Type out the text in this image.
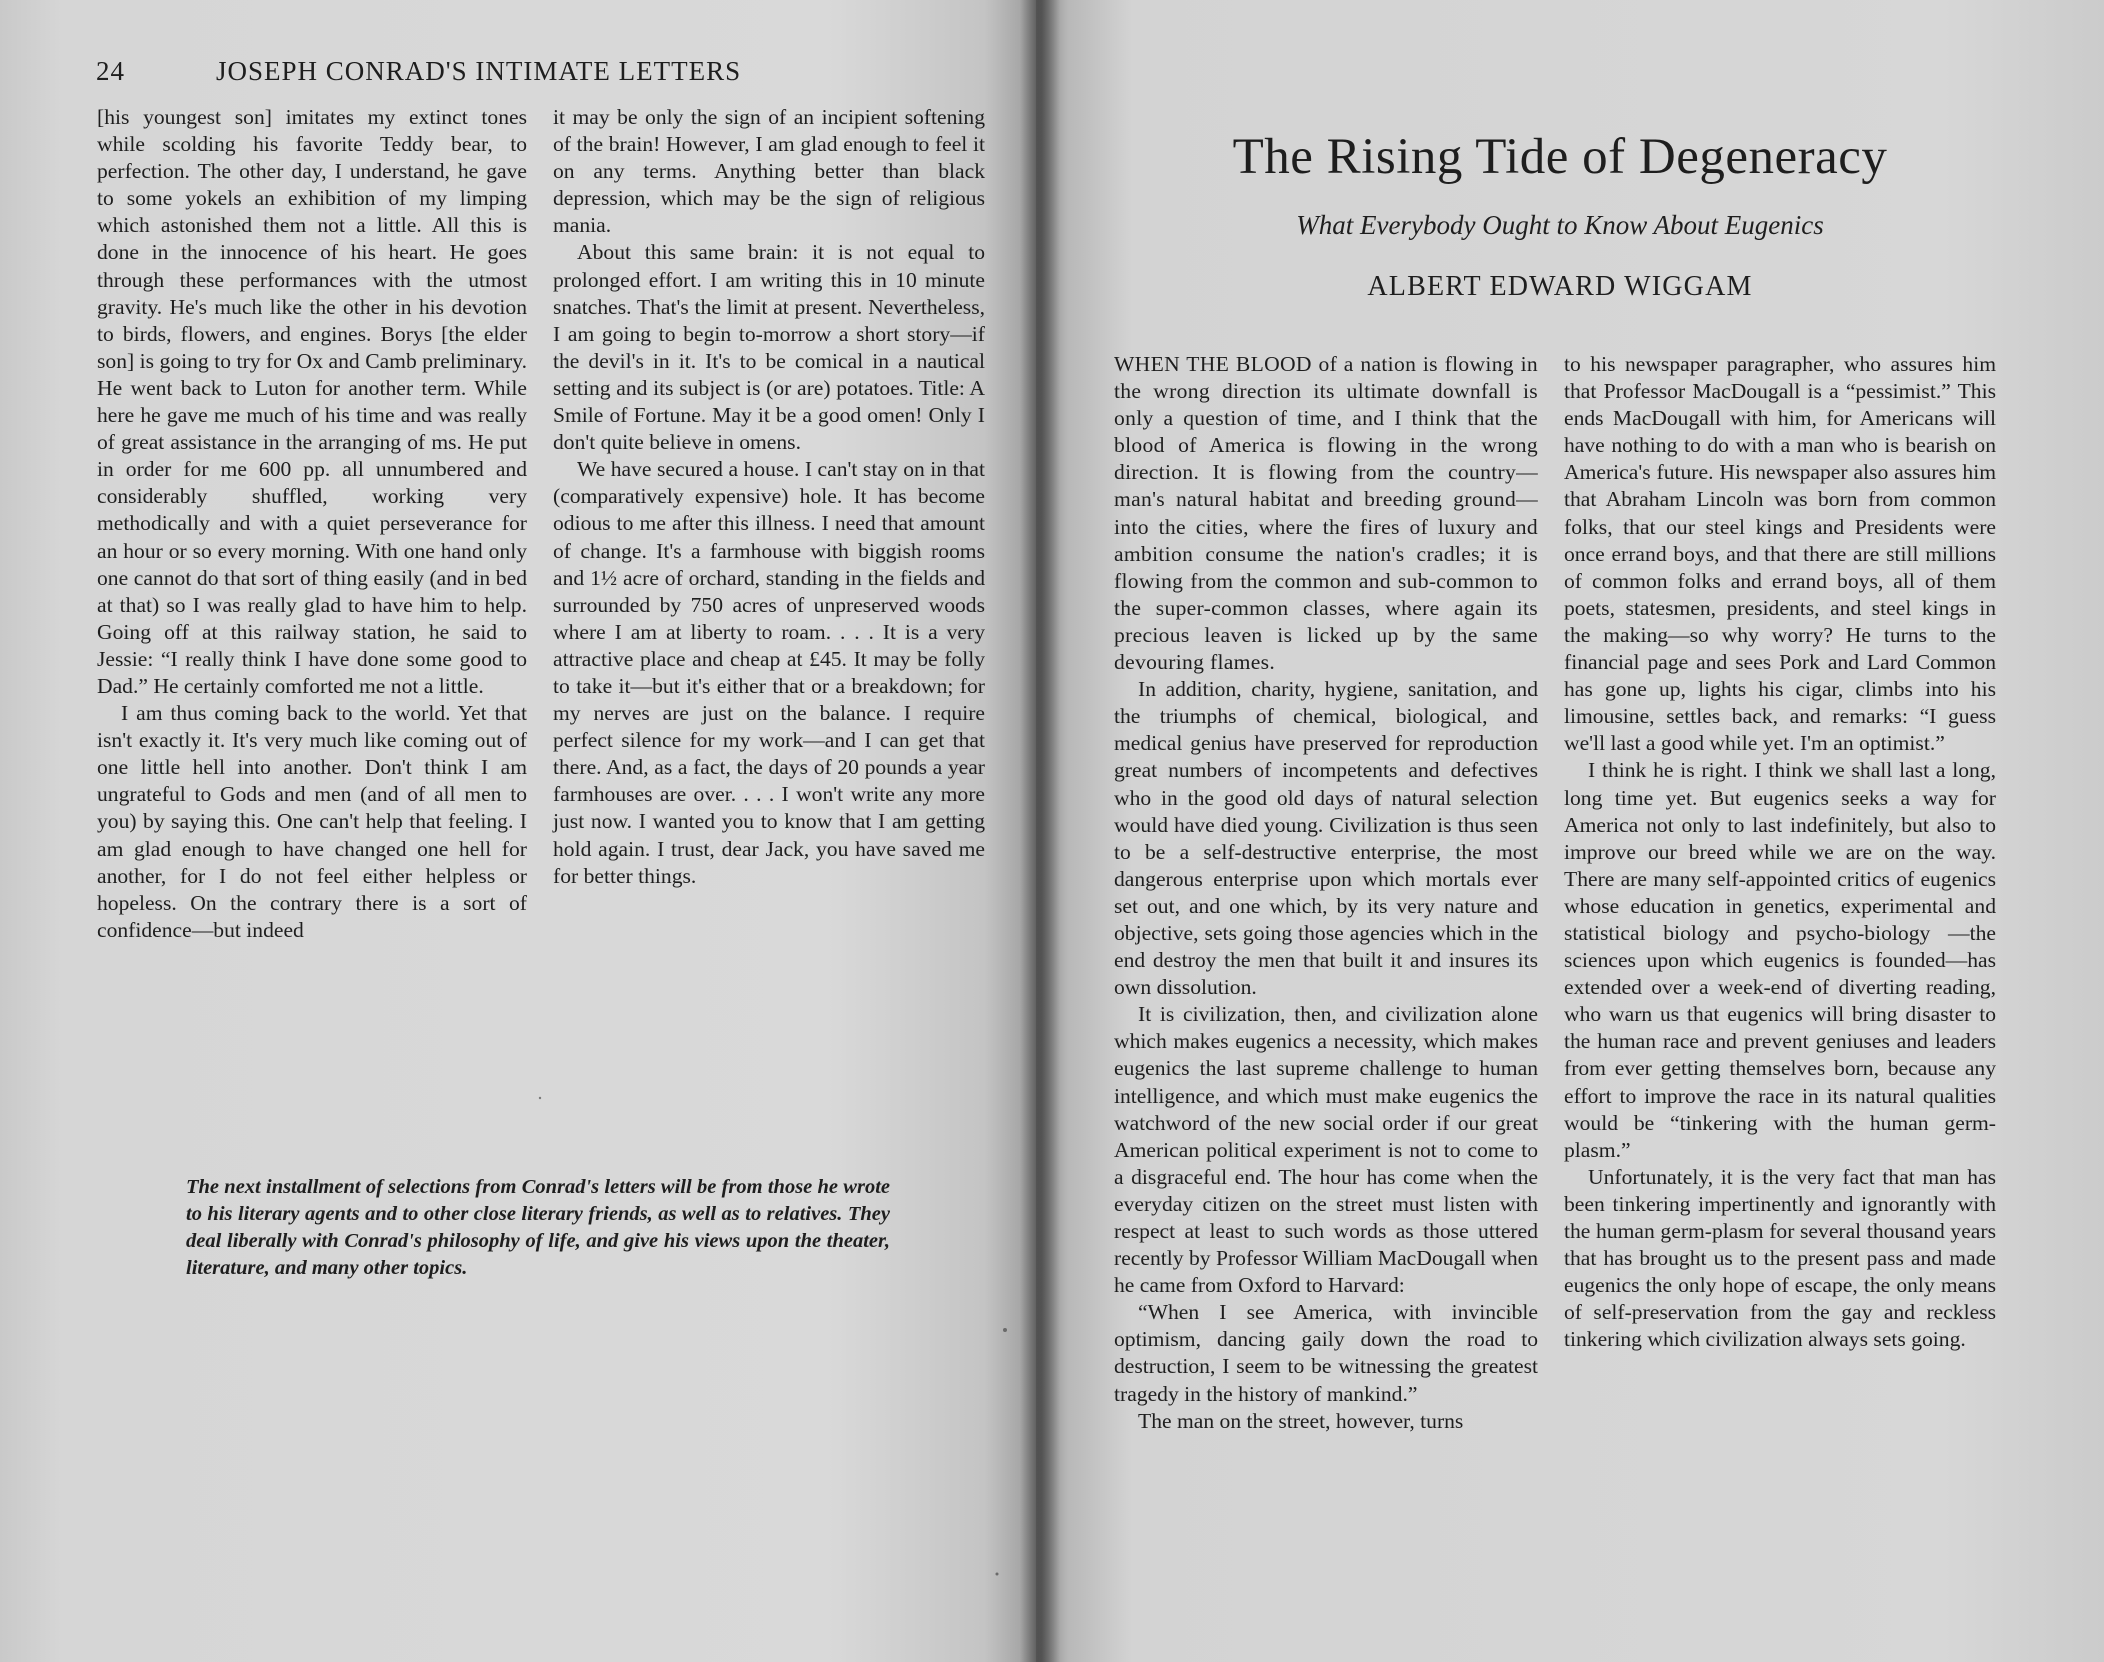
24	JOSEPH CONRAD'S INTIMATE LETTERS

[his youngest son] imitates my extinct tones while scolding his favorite Teddy bear, to perfection. The other day, I understand, he gave to some yokels an exhibition of my limping which astonished them not a little. All this is done in the innocence of his heart. He goes through these performances with the utmost gravity. He's much like the other in his devotion to birds, flowers, and engines. Borys [the elder son] is going to try for Ox and Camb preliminary. He went back to Luton for another term. While here he gave me much of his time and was really of great assistance in the arranging of ms. He put in order for me 600 pp. all unnumbered and considerably shuffled, working very methodically and with a quiet perseverance for an hour or so every morning. With one hand only one cannot do that sort of thing easily (and in bed at that) so I was really glad to have him to help. Going off at this railway station, he said to Jessie: “I really think I have done some good to Dad.” He certainly comforted me not a little.

I am thus coming back to the world. Yet that isn't exactly it. It's very much like coming out of one little hell into another. Don't think I am ungrateful to Gods and men (and of all men to you) by saying this. One can't help that feeling. I am glad enough to have changed one hell for another, for I do not feel either helpless or hopeless. On the contrary there is a sort of confidence—but indeed

it may be only the sign of an incipient softening of the brain! However, I am glad enough to feel it on any terms. Anything better than black depression, which may be the sign of religious mania.

About this same brain: it is not equal to prolonged effort. I am writing this in 10 minute snatches. That's the limit at present. Nevertheless, I am going to begin to-morrow a short story—if the devil's in it. It's to be comical in a nautical setting and its subject is (or are) potatoes. Title: A Smile of Fortune. May it be a good omen! Only I don't quite believe in omens.

We have secured a house. I can't stay on in that (comparatively expensive) hole. It has become odious to me after this illness. I need that amount of change. It's a farmhouse with biggish rooms and 1½ acre of orchard, standing in the fields and surrounded by 750 acres of unpreserved woods where I am at liberty to roam. . . . It is a very attractive place and cheap at £45. It may be folly to take it—but it's either that or a breakdown; for my nerves are just on the balance. I require perfect silence for my work—and I can get that there. And, as a fact, the days of 20 pounds a year farmhouses are over. . . . I won't write any more just now. I wanted you to know that I am getting hold again. I trust, dear Jack, you have saved me for better things.

The next installment of selections from Conrad's letters will be from those he wrote to his literary agents and to other close literary friends, as well as to relatives. They deal liberally with Conrad's philosophy of life, and give his views upon the theater, literature, and many other topics.
The Rising Tide of Degeneracy
What Everybody Ought to Know About Eugenics
ALBERT EDWARD WIGGAM

WHEN THE BLOOD of a nation is flowing in the wrong direction its ultimate downfall is only a question of time, and I think that the blood of America is flowing in the wrong direction. It is flowing from the country—man's natural habitat and breeding ground—into the cities, where the fires of luxury and ambition consume the nation's cradles; it is flowing from the common and sub-common to the super-common classes, where again its precious leaven is licked up by the same devouring flames.

In addition, charity, hygiene, sanitation, and the triumphs of chemical, biological, and medical genius have preserved for reproduction great numbers of incompetents and defectives who in the good old days of natural selection would have died young. Civilization is thus seen to be a self-destructive enterprise, the most dangerous enterprise upon which mortals ever set out, and one which, by its very nature and objective, sets going those agencies which in the end destroy the men that built it and insures its own dissolution.

It is civilization, then, and civilization alone which makes eugenics a necessity, which makes eugenics the last supreme challenge to human intelligence, and which must make eugenics the watchword of the new social order if our great American political experiment is not to come to a disgraceful end. The hour has come when the everyday citizen on the street must listen with respect at least to such words as those uttered recently by Professor William MacDougall when he came from Oxford to Harvard:

“When I see America, with invincible optimism, dancing gaily down the road to destruction, I seem to be witnessing the greatest tragedy in the history of mankind.”

The man on the street, however, turns

to his newspaper paragrapher, who assures him that Professor MacDougall is a “pessimist.” This ends MacDougall with him, for Americans will have nothing to do with a man who is bearish on America's future. His newspaper also assures him that Abraham Lincoln was born from common folks, that our steel kings and Presidents were once errand boys, and that there are still millions of common folks and errand boys, all of them poets, statesmen, presidents, and steel kings in the making—so why worry? He turns to the financial page and sees Pork and Lard Common has gone up, lights his cigar, climbs into his limousine, settles back, and remarks: “I guess we'll last a good while yet. I'm an optimist.”

I think he is right. I think we shall last a long, long time yet. But eugenics seeks a way for America not only to last indefinitely, but also to improve our breed while we are on the way. There are many self-appointed critics of eugenics whose education in genetics, experimental and statistical biology and psycho-biology —the sciences upon which eugenics is founded—has extended over a week-end of diverting reading, who warn us that eugenics will bring disaster to the human race and prevent geniuses and leaders from ever getting themselves born, because any effort to improve the race in its natural qualities would be “tinkering with the human germ-plasm.”

Unfortunately, it is the very fact that man has been tinkering impertinently and ignorantly with the human germ-plasm for several thousand years that has brought us to the present pass and made eugenics the only hope of escape, the only means of self-preservation from the gay and reckless tinkering which civilization always sets going.
